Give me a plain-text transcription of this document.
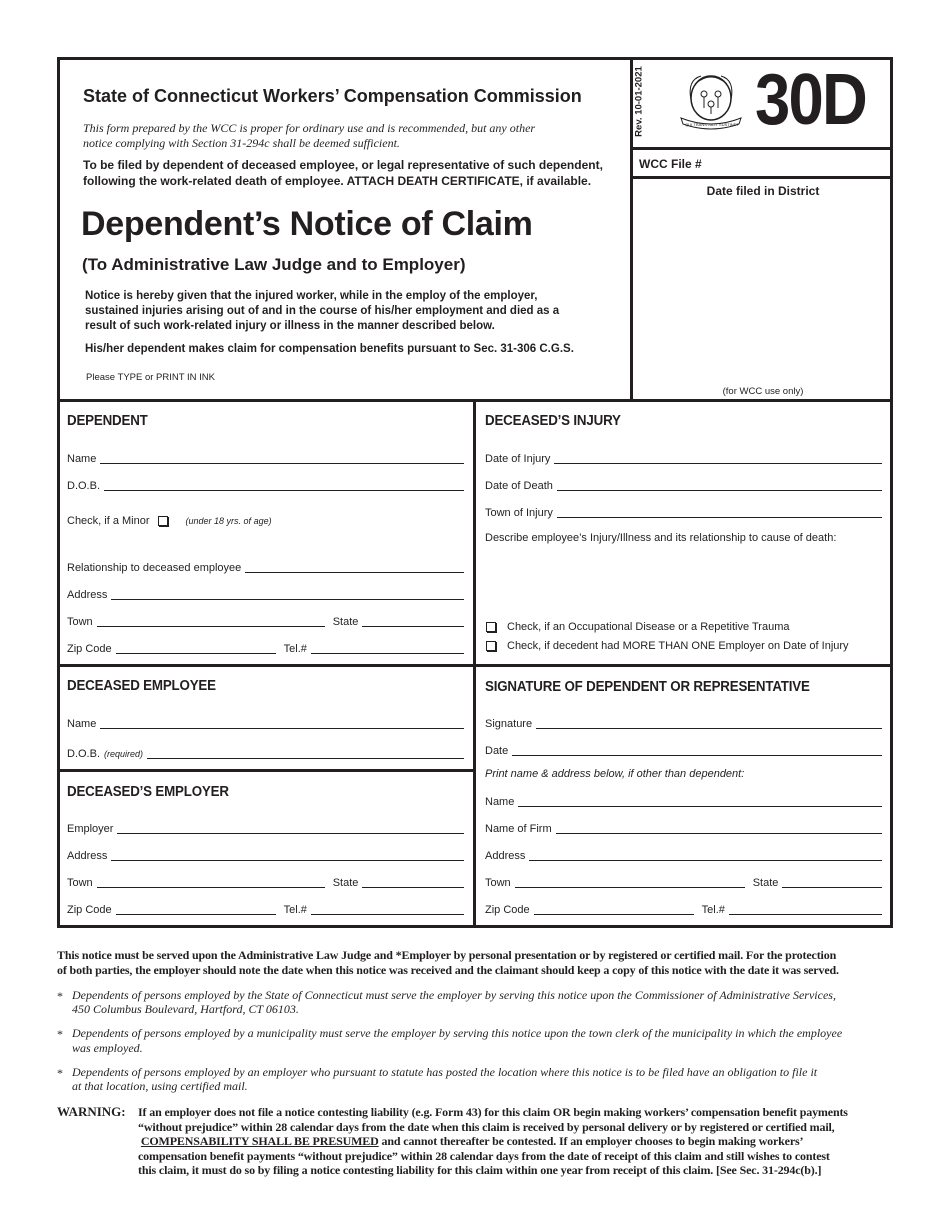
State of Connecticut Workers’ Compensation Commission
This form prepared by the WCC is proper for ordinary use and is recommended, but any other
notice complying with Section 31-294c shall be deemed sufficient.
To be filed by dependent of deceased employee, or legal representative of such dependent,
following the work-related death of employee. ATTACH DEATH CERTIFICATE, if available.
Dependent’s Notice of Claim
(To Administrative Law Judge and to Employer)
Notice is hereby given that the injured worker, while in the employ of the employer,
sustained injuries arising out of and in the course of his/her employment and died as a
result of such work-related injury or illness in the manner described below.
His/her dependent makes claim for compensation benefits pursuant to Sec. 31-306 C.G.S.
Please TYPE or PRINT IN INK
Rev. 10-01-2021	QUI TRANSTULIT SUSTINET 30D
WCC File #
Date filed in District
(for WCC use only)
DEPENDENT
Name
D.O.B.
Check, if a Minor	(under 18 yrs. of age)
Relationship to deceased employee
Address
Town	State
Zip Code	Tel.#
DECEASED’S INJURY
Date of Injury
Date of Death
Town of Injury
Describe employee’s Injury/Illness and its relationship to cause of death:
Check, if an Occupational Disease or a Repetitive Trauma
Check, if decedent had MORE THAN ONE Employer on Date of Injury
DECEASED EMPLOYEE
Name
D.O.B. (required)
DECEASED’S EMPLOYER
Employer
Address
Town	State
Zip Code	Tel.#
SIGNATURE OF DEPENDENT OR REPRESENTATIVE
Signature
Date
Print name & address below, if other than dependent:
Name
Name of Firm
Address
Town	State
Zip Code	Tel.#
This notice must be served upon the Administrative Law Judge and *Employer by personal presentation or by registered or certified mail. For the protection
of both parties, the employer should note the date when this notice was received and the claimant should keep a copy of this notice with the date it was served.
* Dependents of persons employed by the State of Connecticut must serve the employer by serving this notice upon the Commissioner of Administrative Services,
450 Columbus Boulevard, Hartford, CT 06103.
* Dependents of persons employed by a municipality must serve the employer by serving this notice upon the town clerk of the municipality in which the employee
was employed.
* Dependents of persons employed by an employer who pursuant to statute has posted the location where this notice is to be filed have an obligation to file it
at that location, using certified mail.
WARNING: If an employer does not file a notice contesting liability (e.g. Form 43) for this claim OR begin making workers’ compensation benefit payments
“without prejudice” within 28 calendar days from the date when this claim is received by personal delivery or by registered or certified mail,
COMPENSABILITY SHALL BE PRESUMED and cannot thereafter be contested. If an employer chooses to begin making workers’
compensation benefit payments “without prejudice” within 28 calendar days from the date of receipt of this claim and still wishes to contest
this claim, it must do so by filing a notice contesting liability for this claim within one year from receipt of this claim. [See Sec. 31-294c(b).]
